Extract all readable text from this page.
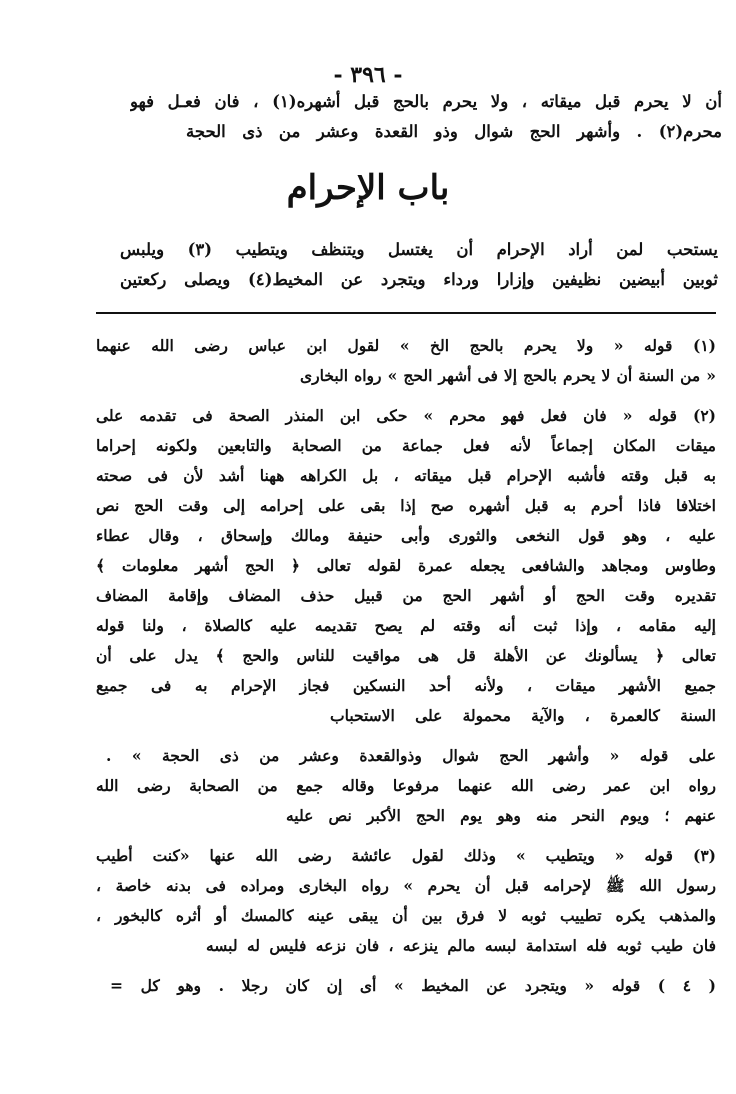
- ٣٩٦ -
أن لا يحرم قبل ميقاته ، ولا يحرم بالحج قبل أشهره(١) ، فان فعـل فهو
محرم(٢) . وأشهر الحج شوال وذو القعدة وعشر من ذى الحجة
باب الإحرام
يستحب لمن أراد الإحرام أن يغتسل ويتنظف ويتطيب (٣) ويلبس
ثوبين أبيضين نظيفين وإزارا ورداء ويتجرد عن المخيط(٤) ويصلى ركعتين
(١) قوله « ولا يحرم بالحج الخ » لقول ابن عباس رضى الله عنهما
« من السنة أن لا يحرم بالحج إلا فى أشهر الحج » رواه البخارى
(٢) قوله « فان فعل فهو محرم » حكى ابن المنذر الصحة فى تقدمه على
ميقات المكان إجماعاً لأنه فعل جماعة من الصحابة والتابعين ولكونه إحراما
به قبل وقته فأشبه الإحرام قبل ميقاته ، بل الكراهه ههنا أشد لأن فى صحته
اختلافا فاذا أحرم به قبل أشهره صح إذا بقى على إحرامه إلى وقت الحج نص
عليه ، وهو قول النخعى والثورى وأبى حنيفة ومالك وإسحاق ، وقال عطاء
وطاوس ومجاهد والشافعى يجعله عمرة لقوله تعالى ﴿ الحج أشهر معلومات ﴾
تقديره وقت الحج أو أشهر الحج من قبيل حذف المضاف وإقامة المضاف
إليه مقامه ، وإذا ثبت أنه وقته لم يصح تقديمه عليه كالصلاة ، ولنا قوله
تعالى ﴿ يسألونك عن الأهلة قل هى مواقيت للناس والحج ﴾ يدل على أن
جميع الأشهر ميقات ، ولأنه أحد النسكين فجاز الإحرام به فى جميع
السنة كالعمرة ، والآية محمولة على الاستحباب
على قوله « وأشهر الحج شوال وذوالقعدة وعشر من ذى الحجة » .
رواه ابن عمر رضى الله عنهما مرفوعا وقاله جمع من الصحابة رضى الله
عنهم ؛ ويوم النحر منه وهو يوم الحج الأكبر نص عليه
(٣) قوله « ويتطيب » وذلك لقول عائشة رضى الله عنها «كنت أطيب
رسول الله ﷺ لإحرامه قبل أن يحرم » رواه البخارى ومراده فى بدنه خاصة ،
والمذهب يكره تطييب ثوبه لا فرق بين أن يبقى عينه كالمسك أو أثره كالبخور ،
فان طيب ثوبه فله استدامة لبسه مالم ينزعه ، فان نزعه فليس له لبسه
( ٤ ) قوله « ويتجرد عن المخيط » أى إن كان رجلا . وهو كل =
